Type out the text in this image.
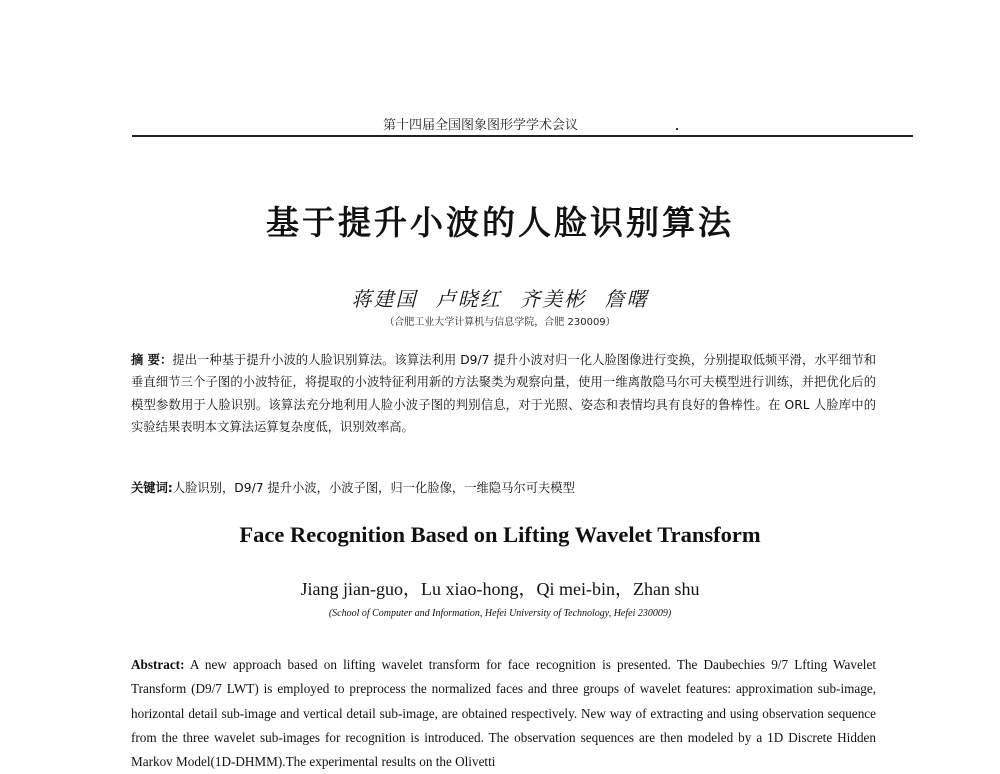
第十四届全国图象图形学学术会议
基于提升小波的人脸识别算法
蒋建国 卢晓红 齐美彬 詹曙
（合肥工业大学计算机与信息学院，合肥 230009）
摘 要：提出一种基于提升小波的人脸识别算法。该算法利用 D9/7 提升小波对归一化人脸图像进行变换，分别提取低频平滑，水平细节和垂直细节三个子图的小波特征，将提取的小波特征利用新的方法聚类为观察向量，使用一维离散隐马尔可夫模型进行训练，并把优化后的模型参数用于人脸识别。该算法充分地利用人脸小波子图的判别信息，对于光照、姿态和表情均具有良好的鲁棒性。在 ORL 人脸库中的实验结果表明本文算法运算复杂度低，识别效率高。
关键词:人脸识别，D9/7 提升小波，小波子图，归一化脸像，一维隐马尔可夫模型
Face Recognition Based on Lifting Wavelet Transform
Jiang jian-guo，Lu xiao-hong，Qi mei-bin，Zhan shu
(School of Computer and Information, Hefei University of Technology, Hefei 230009)
Abstract: A new approach based on lifting wavelet transform for face recognition is presented. The Daubechies 9/7 Lfting Wavelet Transform (D9/7 LWT) is employed to preprocess the normalized faces and three groups of wavelet features: approximation sub-image, horizontal detail sub-image and vertical detail sub-image, are obtained respectively. New way of extracting and using observation sequence from the three wavelet sub-images for recognition is introduced. The observation sequences are then modeled by a 1D Discrete Hidden Markov Model(1D-DHMM).The experimental results on the Olivetti
